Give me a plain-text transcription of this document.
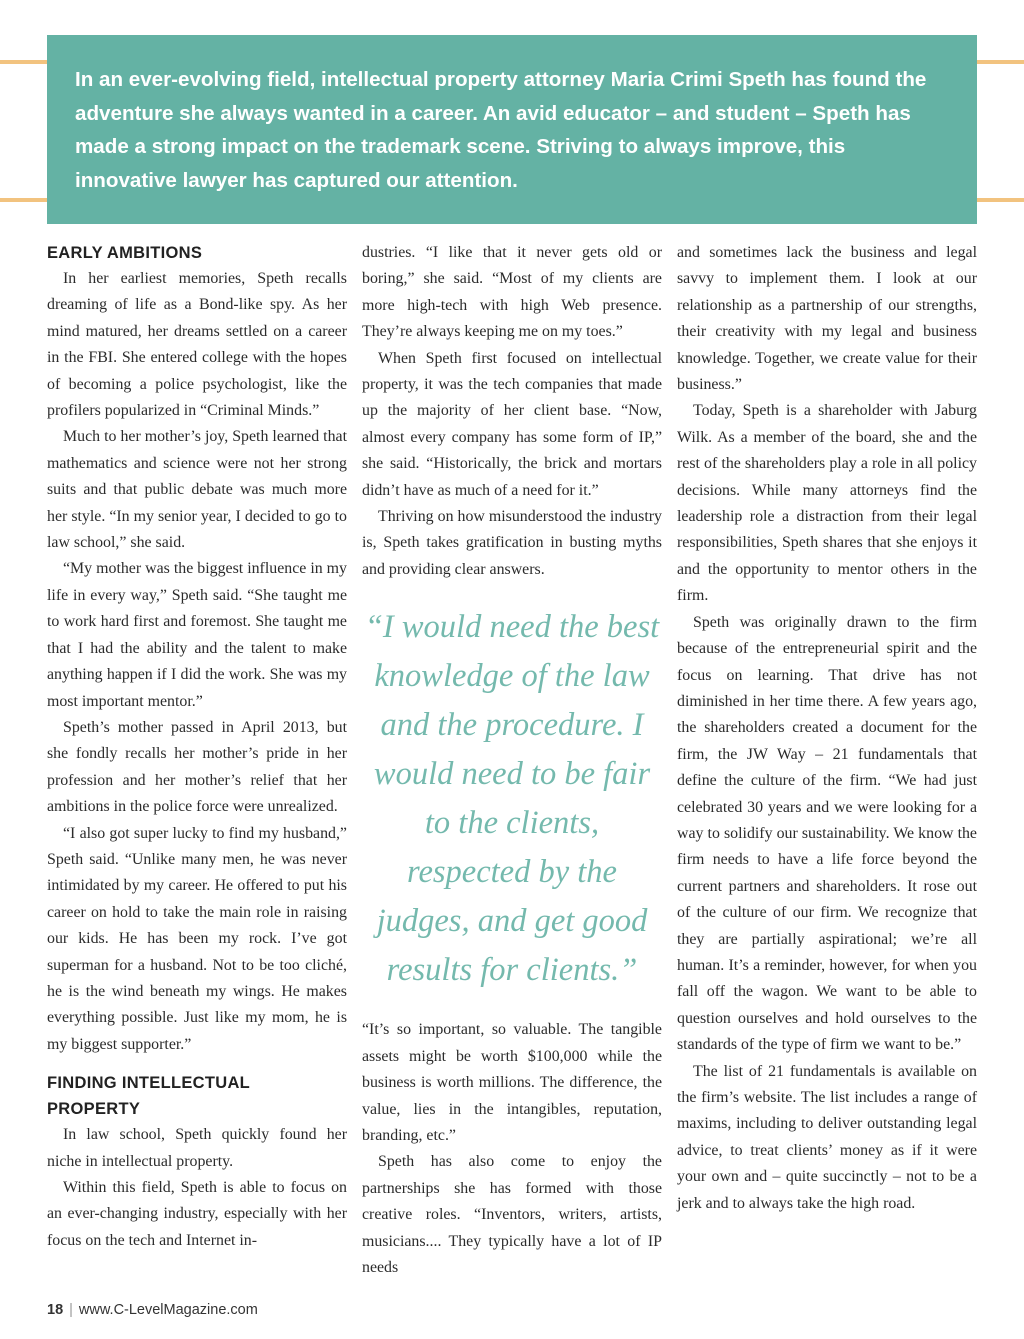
In an ever-evolving field, intellectual property attorney Maria Crimi Speth has found the adventure she always wanted in a career. An avid educator – and student – Speth has made a strong impact on the trademark scene. Striving to always improve, this innovative lawyer has captured our attention.

EARLY AMBITIONS

In her earliest memories, Speth recalls dreaming of life as a Bond-like spy. As her mind matured, her dreams settled on a career in the FBI. She entered college with the hopes of becoming a police psychologist, like the profilers popularized in “Criminal Minds.”

Much to her mother’s joy, Speth learned that mathematics and science were not her strong suits and that public debate was much more her style. “In my senior year, I decided to go to law school,” she said.

“My mother was the biggest influence in my life in every way,” Speth said. “She taught me to work hard first and foremost. She taught me that I had the ability and the talent to make anything happen if I did the work. She was my most important mentor.”

Speth’s mother passed in April 2013, but she fondly recalls her mother’s pride in her profession and her mother’s relief that her ambitions in the police force were unrealized.

“I also got super lucky to find my husband,” Speth said. “Unlike many men, he was never intimidated by my career. He offered to put his career on hold to take the main role in raising our kids. He has been my rock. I’ve got superman for a husband. Not to be too cliché, he is the wind beneath my wings. He makes everything possible. Just like my mom, he is my biggest supporter.”

FINDING INTELLECTUAL PROPERTY

In law school, Speth quickly found her niche in intellectual property.

Within this field, Speth is able to focus on an ever-changing industry, especially with her focus on the tech and Internet in-

dustries. “I like that it never gets old or boring,” she said. “Most of my clients are more high-tech with high Web presence. They’re always keeping me on my toes.”

When Speth first focused on intellectual property, it was the tech companies that made up the majority of her client base. “Now, almost every company has some form of IP,” she said. “Historically, the brick and mortars didn’t have as much of a need for it.”

Thriving on how misunderstood the industry is, Speth takes gratification in busting myths and providing clear answers.

“I would need the best knowledge of the law and the procedure. I would need to be fair to the clients, respected by the judges, and get good results for clients.”

“It’s so important, so valuable. The tangible assets might be worth $100,000 while the business is worth millions. The difference, the value, lies in the intangibles, reputation, branding, etc.”

Speth has also come to enjoy the partnerships she has formed with those creative roles. “Inventors, writers, artists, musicians.... They typically have a lot of IP needs

and sometimes lack the business and legal savvy to implement them. I look at our relationship as a partnership of our strengths, their creativity with my legal and business knowledge. Together, we create value for their business.”

Today, Speth is a shareholder with Jaburg Wilk. As a member of the board, she and the rest of the shareholders play a role in all policy decisions. While many attorneys find the leadership role a distraction from their legal responsibilities, Speth shares that she enjoys it and the opportunity to mentor others in the firm.

Speth was originally drawn to the firm because of the entrepreneurial spirit and the focus on learning. That drive has not diminished in her time there. A few years ago, the shareholders created a document for the firm, the JW Way – 21 fundamentals that define the culture of the firm. “We had just celebrated 30 years and we were looking for a way to solidify our sustainability. We know the firm needs to have a life force beyond the current partners and shareholders. It rose out of the culture of our firm. We recognize that they are partially aspirational; we’re all human. It’s a reminder, however, for when you fall off the wagon. We want to be able to question ourselves and hold ourselves to the standards of the type of firm we want to be.”

The list of 21 fundamentals is available on the firm’s website. The list includes a range of maxims, including to deliver outstanding legal advice, to treat clients’ money as if it were your own and – quite succinctly – not to be a jerk and to always take the high road.

18 | www.C-LevelMagazine.com
